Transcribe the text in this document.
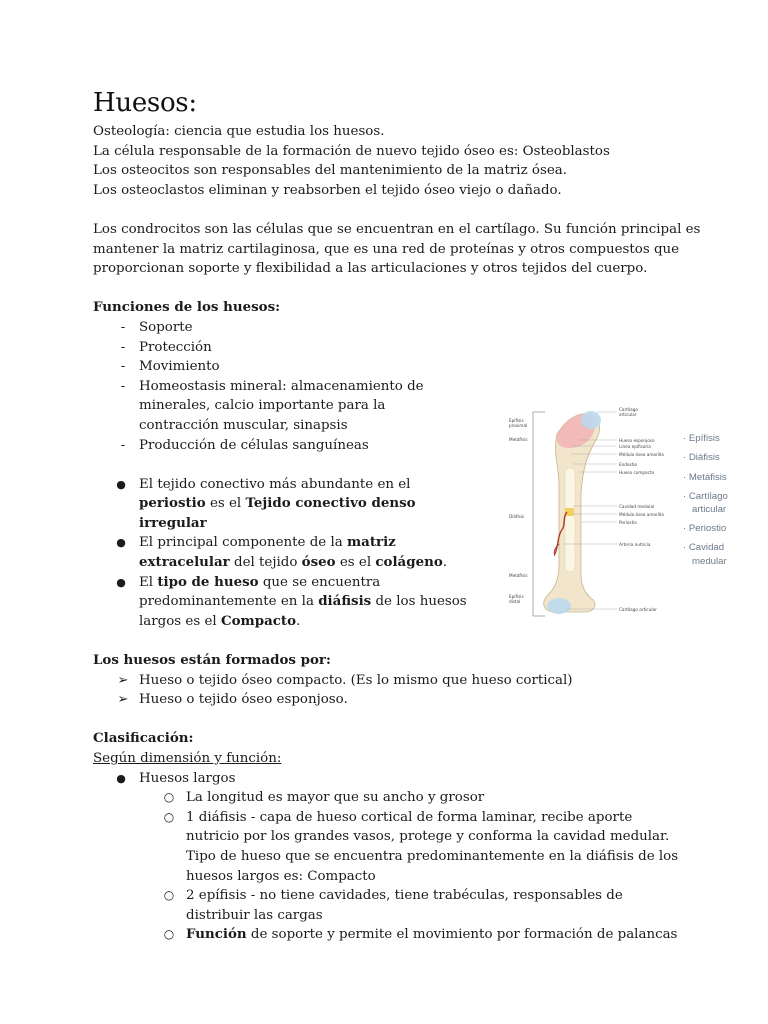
Huesos:

Osteología: ciencia que estudia los huesos.

La célula responsable de la formación de nuevo tejido óseo es: Osteoblastos

Los osteocitos son responsables del mantenimiento de la matriz ósea.

Los osteoclastos eliminan y reabsorben el tejido óseo viejo o dañado.

Los condrocitos son las células que se encuentran en el cartílago. Su función principal es

mantener la matriz cartilaginosa, que es una red de proteínas y otros compuestos que

proporcionan soporte y flexibilidad a las articulaciones y otros tejidos del cuerpo.

Funciones de los huesos:

-	Soporte
-	Protección
-	Movimiento
-	Homeostasis mineral: almacenamiento de minerales, calcio importante para la contracción muscular, sinapsis
-	Producción de células sanguíneas
● El tejido conectivo más abundante en el periostio es el Tejido conectivo denso irregular
● El principal componente de la matriz extracelular del tejido óseo es el colágeno.
● El tipo de hueso que se encuentra predominantemente en la diáfisis de los huesos largos es el Compacto.

Los huesos están formados por:

➢ Hueso o tejido óseo compacto. (Es lo mismo que hueso cortical)
➢ Hueso o tejido óseo esponjoso.

Clasificación:

Según dimensión y función:

● Huesos largos
○ La longitud es mayor que su ancho y grosor
○ 1 diáfisis - capa de hueso cortical de forma laminar, recibe aporte nutricio por los grandes vasos, protege y conforma la cavidad medular. Tipo de hueso que se encuentra predominantemente en la diáfisis de los huesos largos es: Compacto
○ 2 epífisis - no tiene cavidades, tiene trabéculas, responsables de distribuir las cargas
○ Función de soporte y permite el movimiento por formación de palancas
Epífisis
proximal
Metáfisis
Diáfisis
Metáfisis
Epífisis
distal
Cartílago
articular
Hueso esponjoso
Línea epifisaria
Médula ósea amarilla
Endostio
Hueso compacto
Cavidad medular
Médula ósea amarilla
Periostio
Arteria nutricia
Cartílago articular
· Epífisis
· Diáfisis
· Metáfisis
· Cartílago
articular
· Periostio
· Cavidad
medular
